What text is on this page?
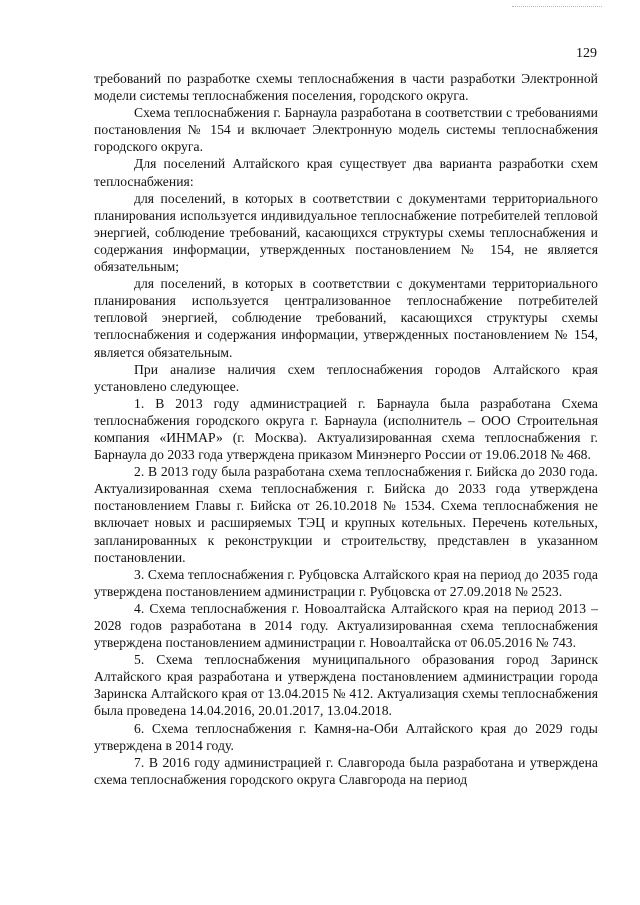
129

требований по разработке схемы теплоснабжения в части разработки Электронной модели системы теплоснабжения поселения, городского округа.

Схема теплоснабжения г. Барнаула разработана в соответствии с требованиями постановления № 154 и включает Электронную модель системы теплоснабжения городского округа.

Для поселений Алтайского края существует два варианта разработки схем теплоснабжения:

для поселений, в которых в соответствии с документами территориального планирования используется индивидуальное теплоснабжение потребителей тепловой энергией, соблюдение требований, касающихся структуры схемы теплоснабжения и содержания информации, утвержденных постановлением № 154, не является обязательным;

для поселений, в которых в соответствии с документами территориального планирования используется централизованное теплоснабжение потребителей тепловой энергией, соблюдение требований, касающихся структуры схемы теплоснабжения и содержания информации, утвержденных постановлением № 154, является обязательным.

При анализе наличия схем теплоснабжения городов Алтайского края установлено следующее.

1. В 2013 году администрацией г. Барнаула была разработана Схема теплоснабжения городского округа г. Барнаула (исполнитель – ООО Строительная компания «ИНМАР» (г. Москва). Актуализированная схема теплоснабжения г. Барнаула до 2033 года утверждена приказом Минэнерго России от 19.06.2018 № 468.

2. В 2013 году была разработана схема теплоснабжения г. Бийска до 2030 года. Актуализированная схема теплоснабжения г. Бийска до 2033 года утверждена постановлением Главы г. Бийска от 26.10.2018 № 1534. Схема теплоснабжения не включает новых и расширяемых ТЭЦ и крупных котельных. Перечень котельных, запланированных к реконструкции и строительству, представлен в указанном постановлении.

3. Схема теплоснабжения г. Рубцовска Алтайского края на период до 2035 года утверждена постановлением администрации г. Рубцовска от 27.09.2018 № 2523.

4. Схема теплоснабжения г. Новоалтайска Алтайского края на период 2013 – 2028 годов разработана в 2014 году. Актуализированная схема теплоснабжения утверждена постановлением администрации г. Новоалтайска от 06.05.2016 № 743.

5. Схема теплоснабжения муниципального образования город Заринск Алтайского края разработана и утверждена постановлением администрации города Заринска Алтайского края от 13.04.2015 № 412. Актуализация схемы теплоснабжения была проведена 14.04.2016, 20.01.2017, 13.04.2018.

6. Схема теплоснабжения г. Камня-на-Оби Алтайского края до 2029 годы утверждена в 2014 году.

7. В 2016 году администрацией г. Славгорода была разработана и утверждена схема теплоснабжения городского округа Славгорода на период
